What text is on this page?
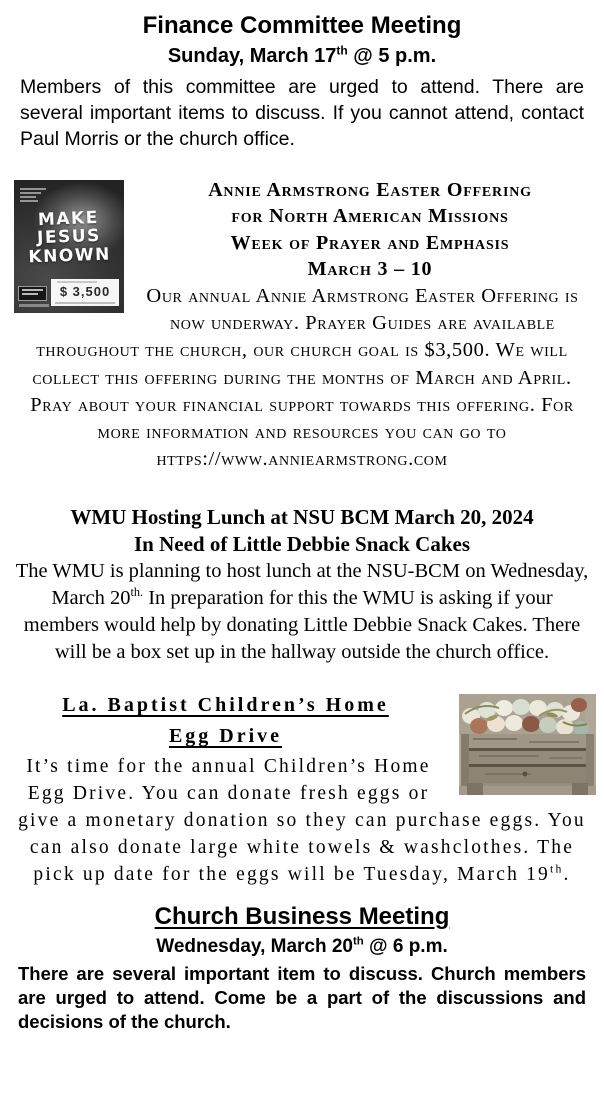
Finance Committee Meeting
Sunday, March 17th @ 5 p.m.

Members of this committee are urged to attend. There are several important items to discuss. If you cannot attend, contact Paul Morris or the church office.

MAKE
JESUS
KNOWN
$ 3,500
Annie Armstrong Easter Offering
for North American Missions
Week of Prayer and Emphasis
March 3 – 10

Our annual Annie Armstrong Easter Offering is now underway. Prayer Guides are available throughout the church, our church goal is $3,500. We will collect this offering during the months of March and April. Pray about your financial support towards this offering. For more information and resources you can go to https://www.anniearmstrong.com

WMU Hosting Lunch at NSU BCM March 20, 2024
In Need of Little Debbie Snack Cakes

The WMU is planning to host lunch at the NSU-BCM on Wednesday, March $20^{th.}$ In preparation for this the WMU is asking if your members would help by donating Little Debbie Snack Cakes. There will be a box set up in the hallway outside the church office.

La. Baptist Children’s Home
Egg Drive

It’s time for the annual Children’s Home Egg Drive. You can donate fresh eggs or give a monetary donation so they can purchase eggs. You can also donate large white towels & washclothes. The pick up date for the eggs will be Tuesday, March 19th.

Church Business Meeting
Wednesday, March 20th @ 6 p.m.

There are several important item to discuss. Church members are urged to attend. Come be a part of the discussions and decisions of the church.
